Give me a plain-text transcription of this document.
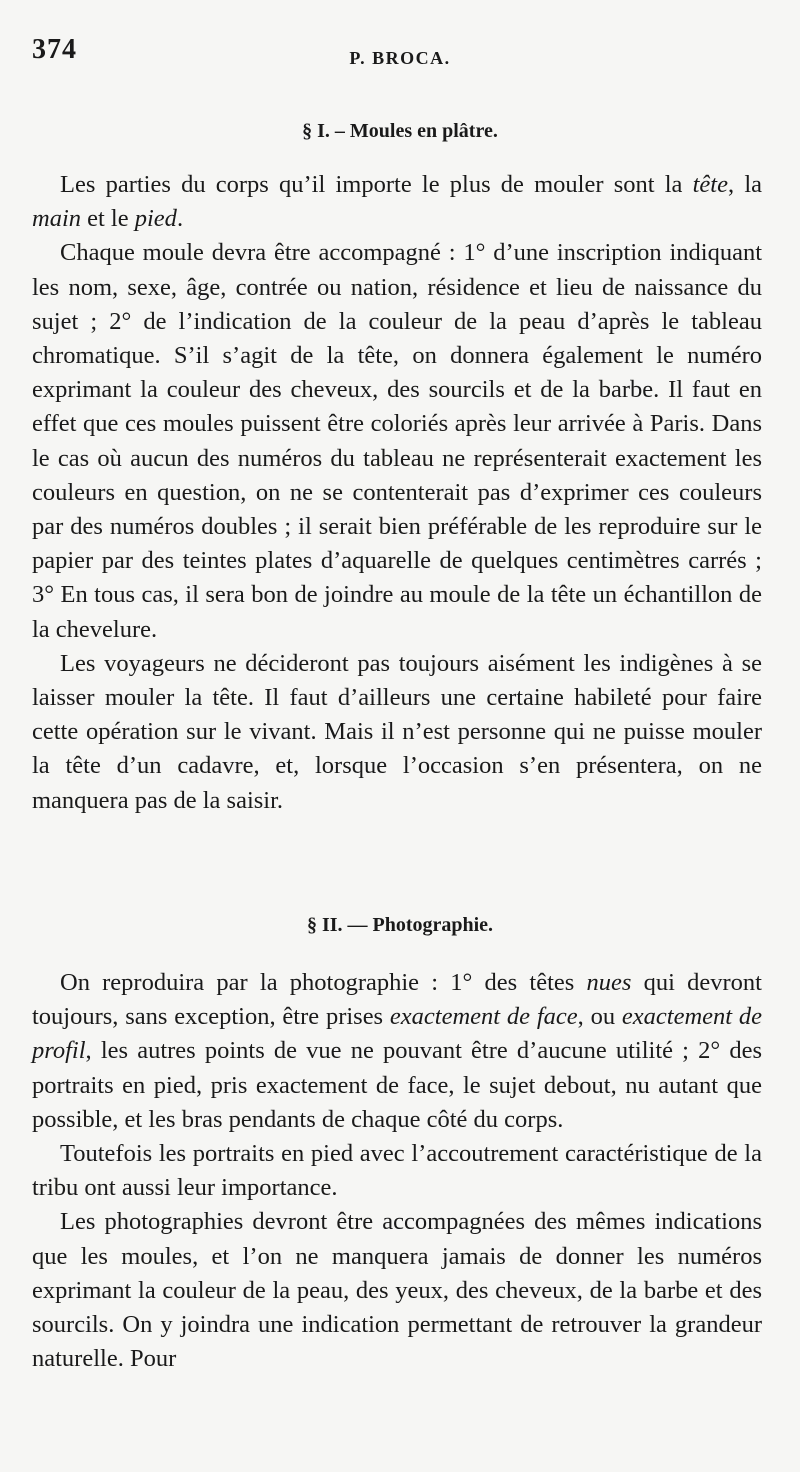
374	P. BROCA.
§ I. – Moules en plâtre.

Les parties du corps qu’il importe le plus de mouler sont la tête, la main et le pied.

Chaque moule devra être accompagné : 1° d’une inscription indiquant les nom, sexe, âge, contrée ou nation, résidence et lieu de naissance du sujet ; 2° de l’indication de la couleur de la peau d’après le tableau chromatique. S’il s’agit de la tête, on donnera également le numéro exprimant la couleur des cheveux, des sourcils et de la barbe. Il faut en effet que ces moules puissent être coloriés après leur arrivée à Paris. Dans le cas où aucun des numéros du tableau ne représenterait exactement les couleurs en question, on ne se contenterait pas d’exprimer ces couleurs par des numéros doubles ; il serait bien préférable de les reproduire sur le papier par des teintes plates d’aquarelle de quelques centimètres carrés ; 3° En tous cas, il sera bon de joindre au moule de la tête un échantillon de la chevelure.

Les voyageurs ne décideront pas toujours aisément les indigènes à se laisser mouler la tête. Il faut d’ailleurs une certaine habileté pour faire cette opération sur le vivant. Mais il n’est personne qui ne puisse mouler la tête d’un cadavre, et, lorsque l’occasion s’en présentera, on ne manquera pas de la saisir.

§ II. — Photographie.

On reproduira par la photographie : 1° des têtes nues qui devront toujours, sans exception, être prises exactement de face, ou exactement de profil, les autres points de vue ne pouvant être d’aucune utilité ; 2° des portraits en pied, pris exactement de face, le sujet debout, nu autant que possible, et les bras pendants de chaque côté du corps.

Toutefois les portraits en pied avec l’accoutrement caractéristique de la tribu ont aussi leur importance.

Les photographies devront être accompagnées des mêmes indications que les moules, et l’on ne manquera jamais de donner les numéros exprimant la couleur de la peau, des yeux, des cheveux, de la barbe et des sourcils. On y joindra une indication permettant de retrouver la grandeur naturelle. Pour
